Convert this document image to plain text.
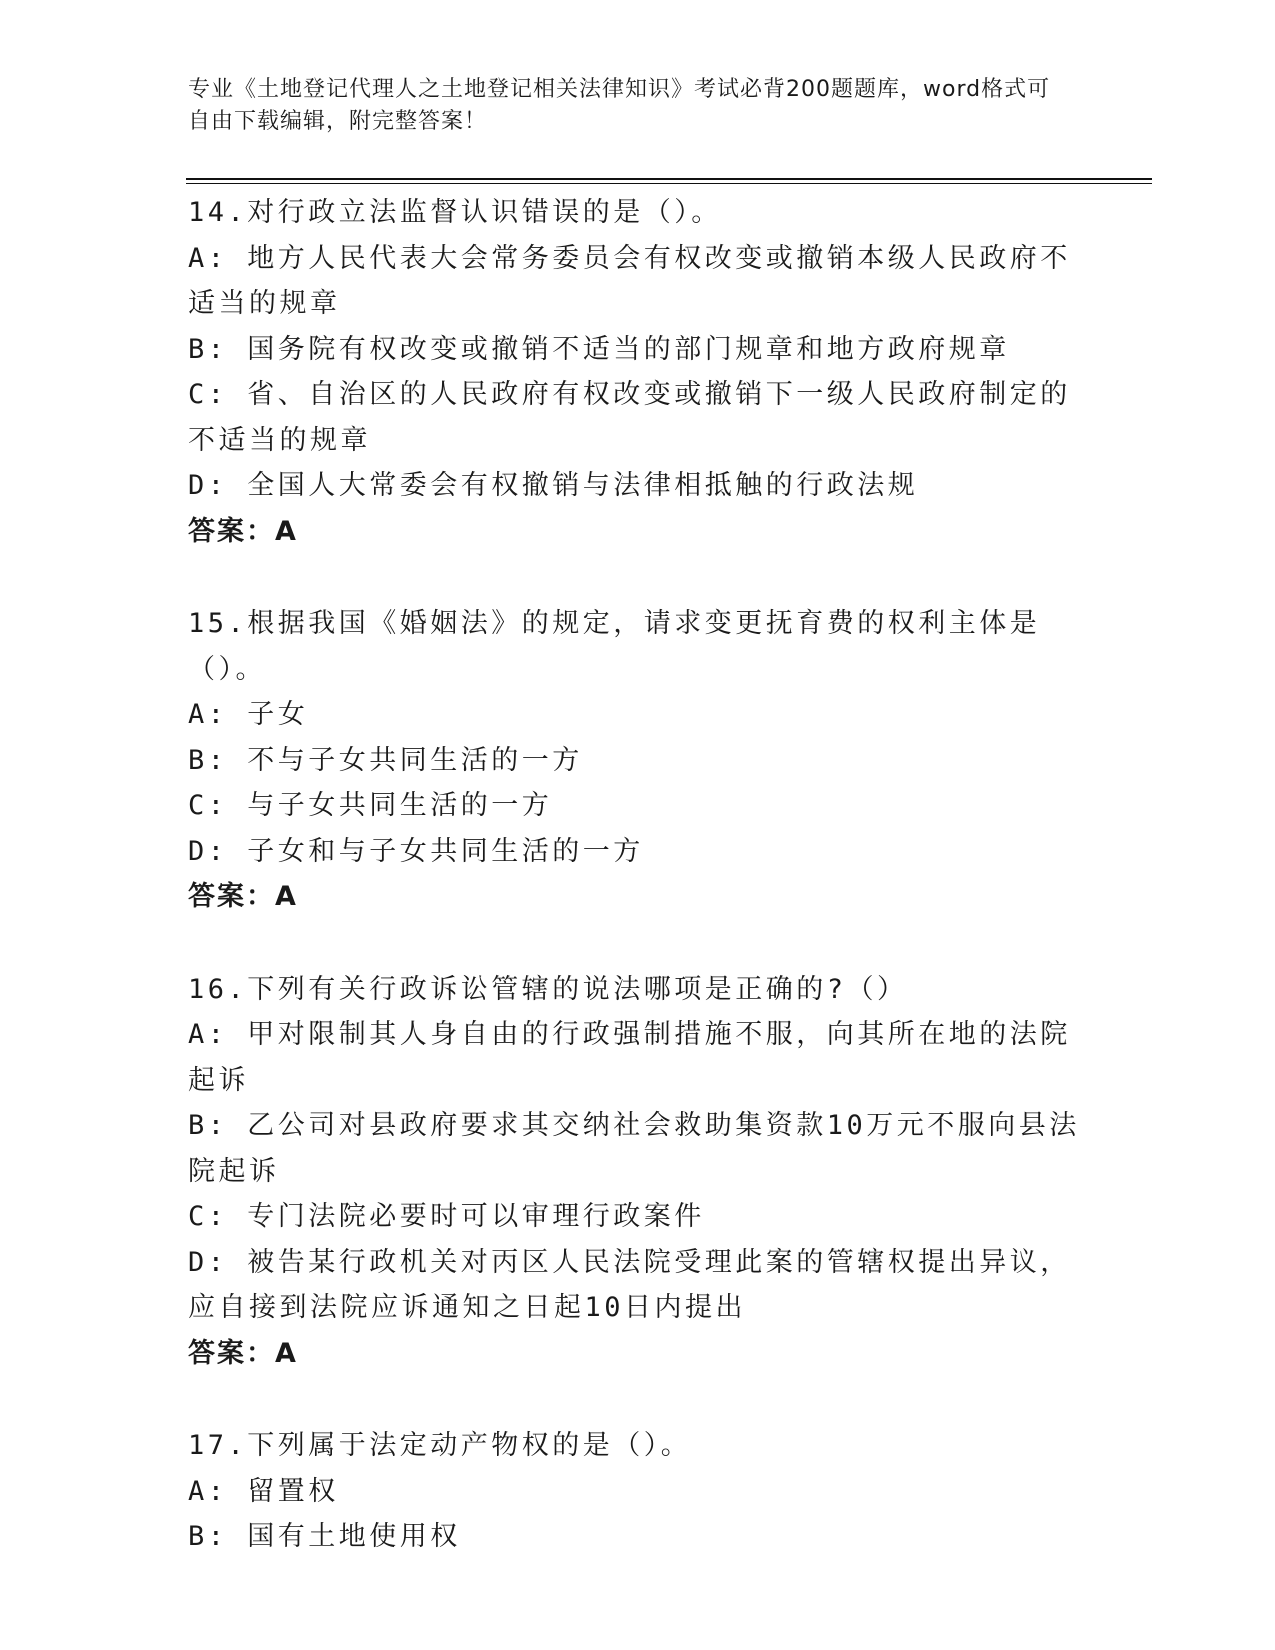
专业《土地登记代理人之土地登记相关法律知识》考试必背200题题库，word格式可自由下载编辑，附完整答案！
14.对行政立法监督认识错误的是（）。
A: 地方人民代表大会常务委员会有权改变或撤销本级人民政府不适当的规章
B: 国务院有权改变或撤销不适当的部门规章和地方政府规章
C: 省、自治区的人民政府有权改变或撤销下一级人民政府制定的不适当的规章
D: 全国人大常委会有权撤销与法律相抵触的行政法规
答案：A
15.根据我国《婚姻法》的规定，请求变更抚育费的权利主体是（）。
A: 子女
B: 不与子女共同生活的一方
C: 与子女共同生活的一方
D: 子女和与子女共同生活的一方
答案：A
16.下列有关行政诉讼管辖的说法哪项是正确的?（）
A: 甲对限制其人身自由的行政强制措施不服，向其所在地的法院起诉
B: 乙公司对县政府要求其交纳社会救助集资款10万元不服向县法院起诉
C: 专门法院必要时可以审理行政案件
D: 被告某行政机关对丙区人民法院受理此案的管辖权提出异议，应自接到法院应诉通知之日起10日内提出
答案：A
17.下列属于法定动产物权的是（）。
A: 留置权
B: 国有土地使用权
